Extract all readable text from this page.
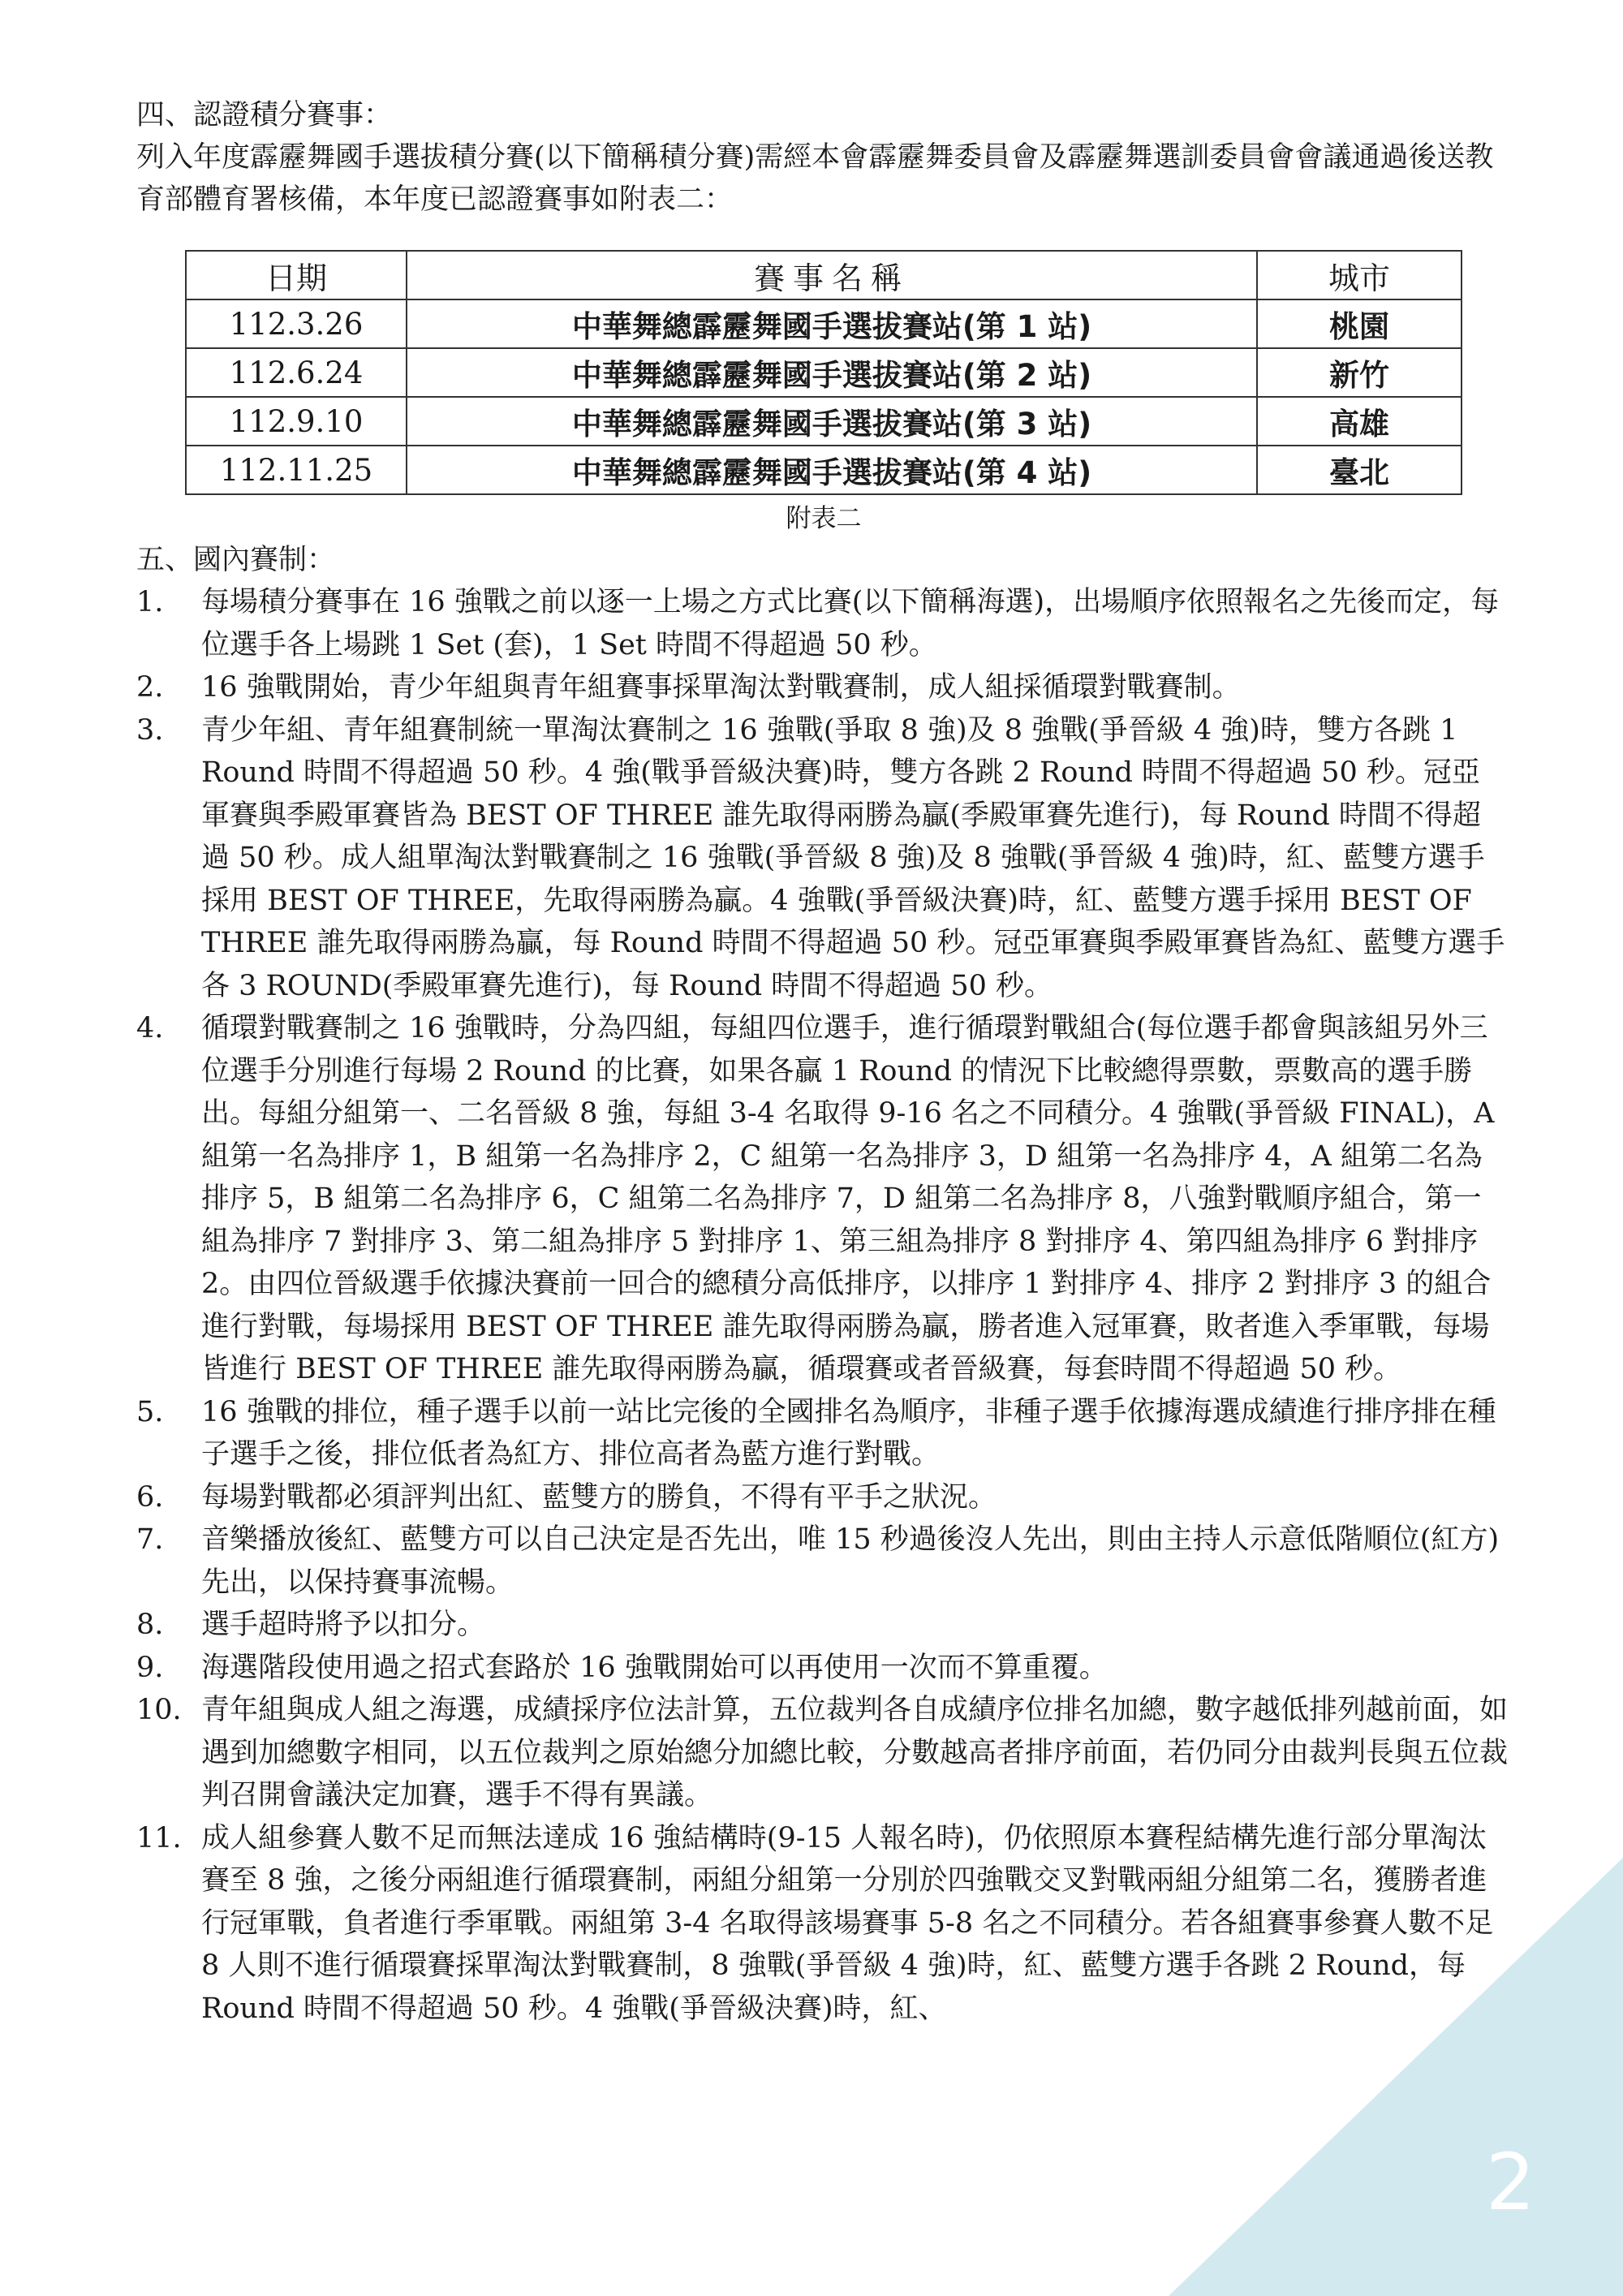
2
四、認證積分賽事：

列入年度霹靂舞國手選拔積分賽(以下簡稱積分賽)需經本會霹靂舞委員會及霹靂舞選訓委員會會議通過後送教育部體育署核備，本年度已認證賽事如附表二：

日期	賽事名稱	城市
112.3.26	中華舞總霹靂舞國手選拔賽站(第 1 站)	桃園
112.6.24	中華舞總霹靂舞國手選拔賽站(第 2 站)	新竹
112.9.10	中華舞總霹靂舞國手選拔賽站(第 3 站)	高雄
112.11.25	中華舞總霹靂舞國手選拔賽站(第 4 站)	臺北
附表二
五、國內賽制：
1. 每場積分賽事在 16 強戰之前以逐一上場之方式比賽(以下簡稱海選)，出場順序依照報名之先後而定，每位選手各上場跳 1 Set (套)，1 Set 時間不得超過 50 秒。
2. 16 強戰開始，青少年組與青年組賽事採單淘汰對戰賽制，成人組採循環對戰賽制。
3. 青少年組、青年組賽制統一單淘汰賽制之 16 強戰(爭取 8 強)及 8 強戰(爭晉級 4 強)時，雙方各跳 1 Round 時間不得超過 50 秒。4 強(戰爭晉級決賽)時，雙方各跳 2 Round 時間不得超過 50 秒。冠亞軍賽與季殿軍賽皆為 BEST OF THREE 誰先取得兩勝為贏(季殿軍賽先進行)，每 Round 時間不得超過 50 秒。成人組單淘汰對戰賽制之 16 強戰(爭晉級 8 強)及 8 強戰(爭晉級 4 強)時，紅、藍雙方選手採用 BEST OF THREE，先取得兩勝為贏。4 強戰(爭晉級決賽)時，紅、藍雙方選手採用 BEST OF THREE 誰先取得兩勝為贏，每 Round 時間不得超過 50 秒。冠亞軍賽與季殿軍賽皆為紅、藍雙方選手各 3 ROUND(季殿軍賽先進行)，每 Round 時間不得超過 50 秒。
4. 循環對戰賽制之 16 強戰時，分為四組，每組四位選手，進行循環對戰組合(每位選手都會與該組另外三位選手分別進行每場 2 Round 的比賽，如果各贏 1 Round 的情況下比較總得票數，票數高的選手勝出。每組分組第一、二名晉級 8 強，每組 3-4 名取得 9-16 名之不同積分。4 強戰(爭晉級 FINAL)，A 組第一名為排序 1，B 組第一名為排序 2，C 組第一名為排序 3，D 組第一名為排序 4，A 組第二名為排序 5，B 組第二名為排序 6，C 組第二名為排序 7，D 組第二名為排序 8，八強對戰順序組合，第一組為排序 7 對排序 3、第二組為排序 5 對排序 1、第三組為排序 8 對排序 4、第四組為排序 6 對排序 2。由四位晉級選手依據決賽前一回合的總積分高低排序，以排序 1 對排序 4、排序 2 對排序 3 的組合進行對戰，每場採用 BEST OF THREE 誰先取得兩勝為贏，勝者進入冠軍賽，敗者進入季軍戰，每場皆進行 BEST OF THREE 誰先取得兩勝為贏，循環賽或者晉級賽，每套時間不得超過 50 秒。
5. 16 強戰的排位，種子選手以前一站比完後的全國排名為順序，非種子選手依據海選成績進行排序排在種子選手之後，排位低者為紅方、排位高者為藍方進行對戰。
6. 每場對戰都必須評判出紅、藍雙方的勝負，不得有平手之狀況。
7. 音樂播放後紅、藍雙方可以自己決定是否先出，唯 15 秒過後沒人先出，則由主持人示意低階順位(紅方)先出，以保持賽事流暢。
8. 選手超時將予以扣分。
9. 海選階段使用過之招式套路於 16 強戰開始可以再使用一次而不算重覆。
10. 青年組與成人組之海選，成績採序位法計算，五位裁判各自成績序位排名加總，數字越低排列越前面，如遇到加總數字相同，以五位裁判之原始總分加總比較，分數越高者排序前面，若仍同分由裁判長與五位裁判召開會議決定加賽，選手不得有異議。
11. 成人組參賽人數不足而無法達成 16 強結構時(9-15 人報名時)，仍依照原本賽程結構先進行部分單淘汰賽至 8 強，之後分兩組進行循環賽制，兩組分組第一分別於四強戰交叉對戰兩組分組第二名，獲勝者進行冠軍戰，負者進行季軍戰。兩組第 3-4 名取得該場賽事 5-8 名之不同積分。若各組賽事參賽人數不足 8 人則不進行循環賽採單淘汰對戰賽制，8 強戰(爭晉級 4 強)時，紅、藍雙方選手各跳 2 Round，每 Round 時間不得超過 50 秒。4 強戰(爭晉級決賽)時，紅、
